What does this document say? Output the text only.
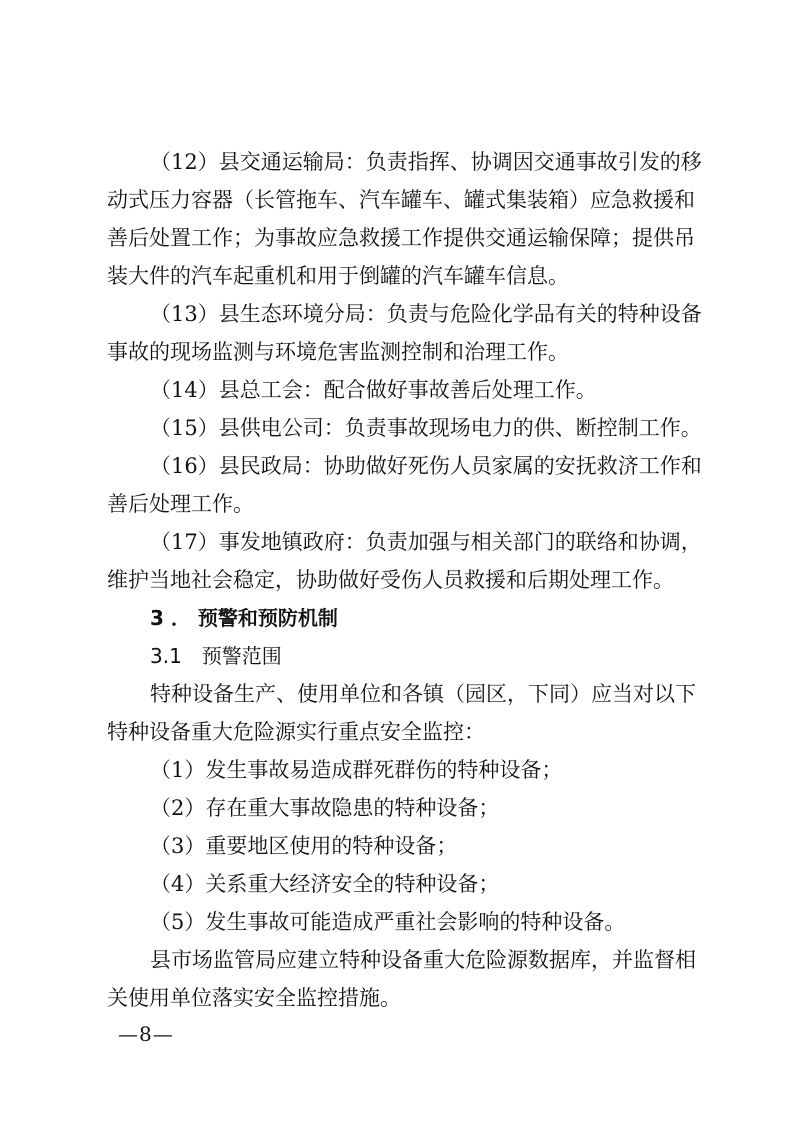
（12）县交通运输局：负责指挥、协调因交通事故引发的移
动式压力容器（长管拖车、汽车罐车、罐式集装箱）应急救援和
善后处置工作；为事故应急救援工作提供交通运输保障；提供吊
装大件的汽车起重机和用于倒罐的汽车罐车信息。
（13）县生态环境分局：负责与危险化学品有关的特种设备
事故的现场监测与环境危害监测控制和治理工作。
（14）县总工会：配合做好事故善后处理工作。
（15）县供电公司：负责事故现场电力的供、断控制工作。
（16）县民政局：协助做好死伤人员家属的安抚救济工作和
善后处理工作。
（17）事发地镇政府：负责加强与相关部门的联络和协调，
维护当地社会稳定，协助做好受伤人员救援和后期处理工作。
3 ． 预警和预防机制
3.1　预警范围
特种设备生产、使用单位和各镇（园区，下同）应当对以下
特种设备重大危险源实行重点安全监控：
（1）发生事故易造成群死群伤的特种设备；
（2）存在重大事故隐患的特种设备；
（3）重要地区使用的特种设备；
（4）关系重大经济安全的特种设备；
（5）发生事故可能造成严重社会影响的特种设备。
县市场监管局应建立特种设备重大危险源数据库，并监督相
关使用单位落实安全监控措施。
—8—
